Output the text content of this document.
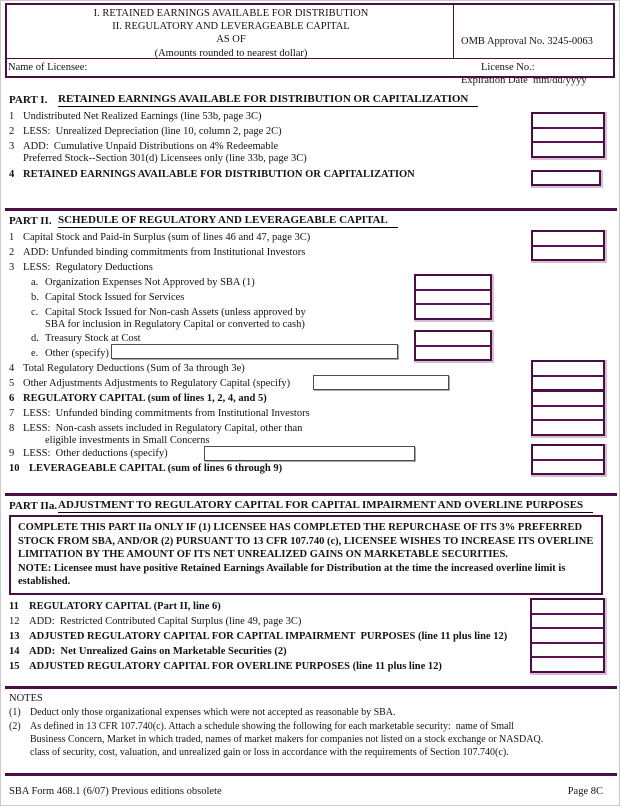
I. RETAINED EARNINGS AVAILABLE FOR DISTRIBUTION
II. REGULATORY AND LEVERAGEABLE CAPITAL
AS OF
(Amounts rounded to nearest dollar)

OMB Approval No. 3245-0063

Expiration Date  mm/dd/yyyy

Name of Licensee:	License No.:
PART I. RETAINED EARNINGS AVAILABLE FOR DISTRIBUTION OR CAPITALIZATION
1 Undistributed Net Realized Earnings (line 53b, page 3C)
2 LESS:  Unrealized Depreciation (line 10, column 2, page 2C)
3 ADD:  Cumulative Unpaid Distributions on 4% Redeemable
Preferred Stock--Section 301(d) Licensees only (line 33b, page 3C)
4 RETAINED EARNINGS AVAILABLE FOR DISTRIBUTION OR CAPITALIZATION
PART II. SCHEDULE OF REGULATORY AND LEVERAGEABLE CAPITAL
1 Capital Stock and Paid-in Surplus (sum of lines 46 and 47, page 3C)
2 ADD: Unfunded binding commitments from Institutional Investors
3 LESS:  Regulatory Deductions
a. Organization Expenses Not Approved by SBA (1)
b. Capital Stock Issued for Services
c. Capital Stock Issued for Non-cash Assets (unless approved by
SBA for inclusion in Regulatory Capital or converted to cash)
d. Treasury Stock at Cost
e. Other (specify)
4 Total Regulatory Deductions (Sum of 3a through 3e)
5 Other Adjustments Adjustments to Regulatory Capital (specify)
6 REGULATORY CAPITAL (sum of lines 1, 2, 4, and 5)
7 LESS:  Unfunded binding commitments from Institutional Investors
8 LESS:  Non-cash assets included in Regulatory Capital, other than
eligible investments in Small Concerns
9 LESS:  Other deductions (specify)
10 LEVERAGEABLE CAPITAL (sum of lines 6 through 9)
PART IIa. ADJUSTMENT TO REGULATORY CAPITAL FOR CAPITAL IMPAIRMENT AND OVERLINE PURPOSES
COMPLETE THIS PART IIa ONLY IF (1) LICENSEE HAS COMPLETED THE REPURCHASE OF ITS 3% PREFERRED STOCK FROM SBA, AND/OR (2) PURSUANT TO 13 CFR 107.740 (c), LICENSEE WISHES TO INCREASE ITS OVERLINE LIMITATION BY THE AMOUNT OF ITS NET UNREALIZED GAINS ON MARKETABLE SECURITIES.
NOTE: Licensee must have positive Retained Earnings Available for Distribution at the time the increased overline limit is established.
11 REGULATORY CAPITAL (Part II, line 6)
12 ADD:  Restricted Contributed Capital Surplus (line 49, page 3C)
13 ADJUSTED REGULATORY CAPITAL FOR CAPITAL IMPAIRMENT  PURPOSES (line 11 plus line 12)
14 ADD:  Net Unrealized Gains on Marketable Securities (2)
15 ADJUSTED REGULATORY CAPITAL FOR OVERLINE PURPOSES (line 11 plus line 12)
NOTES
(1) Deduct only those organizational expenses which were not accepted as reasonable by SBA.
(2) As defined in 13 CFR 107.740(c). Attach a schedule showing the following for each marketable security:  name of Small
Business Concern, Market in which traded, names of market makers for companies not listed on a stock exchange or NASDAQ.
class of security, cost, valuation, and unrealized gain or loss in accordance with the requirements of Section 107.740(c).
SBA Form 468.1 (6/07) Previous editions obsolete	Page 8C
